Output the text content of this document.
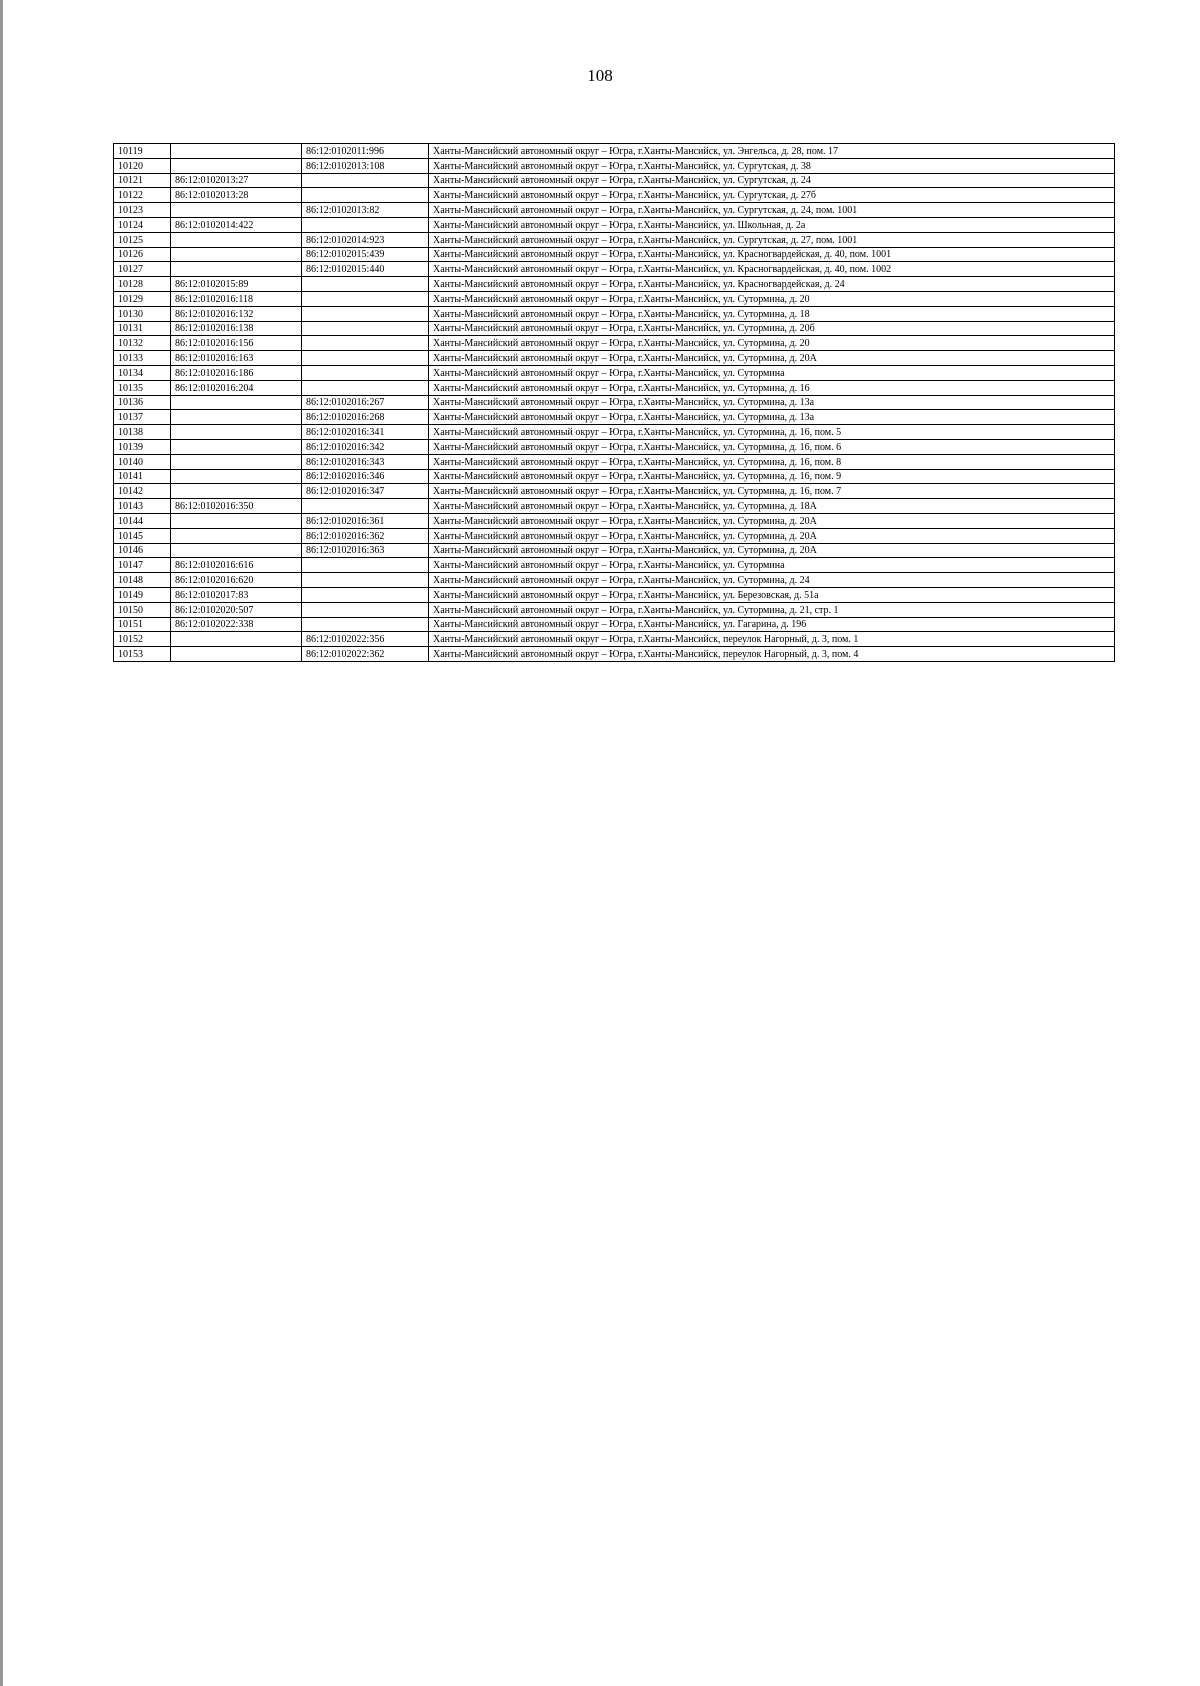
108
10119		86:12:0102011:996	Ханты-Мансийский автономный округ – Югра, г.Ханты-Мансийск, ул. Энгельса, д. 28, пом. 17
10120		86:12:0102013:108	Ханты-Мансийский автономный округ – Югра, г.Ханты-Мансийск, ул. Сургутская, д. 38
10121	86:12:0102013:27		Ханты-Мансийский автономный округ – Югра, г.Ханты-Мансийск, ул. Сургутская, д. 24
10122	86:12:0102013:28		Ханты-Мансийский автономный округ – Югра, г.Ханты-Мансийск, ул. Сургутская, д. 27б
10123		86:12:0102013:82	Ханты-Мансийский автономный округ – Югра, г.Ханты-Мансийск, ул. Сургутская, д. 24, пом. 1001
10124	86:12:0102014:422		Ханты-Мансийский автономный округ – Югра, г.Ханты-Мансийск, ул. Школьная, д. 2а
10125		86:12:0102014:923	Ханты-Мансийский автономный округ – Югра, г.Ханты-Мансийск, ул. Сургутская, д. 27, пом. 1001
10126		86:12:0102015:439	Ханты-Мансийский автономный округ – Югра, г.Ханты-Мансийск, ул. Красногвардейская, д. 40, пом. 1001
10127		86:12:0102015:440	Ханты-Мансийский автономный округ – Югра, г.Ханты-Мансийск, ул. Красногвардейская, д. 40, пом. 1002
10128	86:12:0102015:89		Ханты-Мансийский автономный округ – Югра, г.Ханты-Мансийск, ул. Красногвардейская, д. 24
10129	86:12:0102016:118		Ханты-Мансийский автономный округ – Югра, г.Ханты-Мансийск, ул. Сутормина, д. 20
10130	86:12:0102016:132		Ханты-Мансийский автономный округ – Югра, г.Ханты-Мансийск, ул. Сутормина, д. 18
10131	86:12:0102016:138		Ханты-Мансийский автономный округ – Югра, г.Ханты-Мансийск, ул. Сутормина, д. 20б
10132	86:12:0102016:156		Ханты-Мансийский автономный округ – Югра, г.Ханты-Мансийск, ул. Сутормина, д. 20
10133	86:12:0102016:163		Ханты-Мансийский автономный округ – Югра, г.Ханты-Мансийск, ул. Сутормина, д. 20А
10134	86:12:0102016:186		Ханты-Мансийский автономный округ – Югра, г.Ханты-Мансийск, ул. Сутормина
10135	86:12:0102016:204		Ханты-Мансийский автономный округ – Югра, г.Ханты-Мансийск, ул. Сутормина, д. 16
10136		86:12:0102016:267	Ханты-Мансийский автономный округ – Югра, г.Ханты-Мансийск, ул. Сутормина, д. 13а
10137		86:12:0102016:268	Ханты-Мансийский автономный округ – Югра, г.Ханты-Мансийск, ул. Сутормина, д. 13а
10138		86:12:0102016:341	Ханты-Мансийский автономный округ – Югра, г.Ханты-Мансийск, ул. Сутормина, д. 16, пом. 5
10139		86:12:0102016:342	Ханты-Мансийский автономный округ – Югра, г.Ханты-Мансийск, ул. Сутормина, д. 16, пом. 6
10140		86:12:0102016:343	Ханты-Мансийский автономный округ – Югра, г.Ханты-Мансийск, ул. Сутормина, д. 16, пом. 8
10141		86:12:0102016:346	Ханты-Мансийский автономный округ – Югра, г.Ханты-Мансийск, ул. Сутормина, д. 16, пом. 9
10142		86:12:0102016:347	Ханты-Мансийский автономный округ – Югра, г.Ханты-Мансийск, ул. Сутормина, д. 16, пом. 7
10143	86:12:0102016:350		Ханты-Мансийский автономный округ – Югра, г.Ханты-Мансийск, ул. Сутормина, д. 18А
10144		86:12:0102016:361	Ханты-Мансийский автономный округ – Югра, г.Ханты-Мансийск, ул. Сутормина, д. 20А
10145		86:12:0102016:362	Ханты-Мансийский автономный округ – Югра, г.Ханты-Мансийск, ул. Сутормина, д. 20А
10146		86:12:0102016:363	Ханты-Мансийский автономный округ – Югра, г.Ханты-Мансийск, ул. Сутормина, д. 20А
10147	86:12:0102016:616		Ханты-Мансийский автономный округ – Югра, г.Ханты-Мансийск, ул. Сутормина
10148	86:12:0102016:620		Ханты-Мансийский автономный округ – Югра, г.Ханты-Мансийск, ул. Сутормина, д. 24
10149	86:12:0102017:83		Ханты-Мансийский автономный округ – Югра, г.Ханты-Мансийск, ул. Березовская, д. 51а
10150	86:12:0102020:507		Ханты-Мансийский автономный округ – Югра, г.Ханты-Мансийск, ул. Сутормина, д. 21, стр. 1
10151	86:12:0102022:338		Ханты-Мансийский автономный округ – Югра, г.Ханты-Мансийск, ул. Гагарина, д. 196
10152		86:12:0102022:356	Ханты-Мансийский автономный округ – Югра, г.Ханты-Мансийск, переулок Нагорный, д. 3, пом. 1
10153		86:12:0102022:362	Ханты-Мансийский автономный округ – Югра, г.Ханты-Мансийск, переулок Нагорный, д. 3, пом. 4
